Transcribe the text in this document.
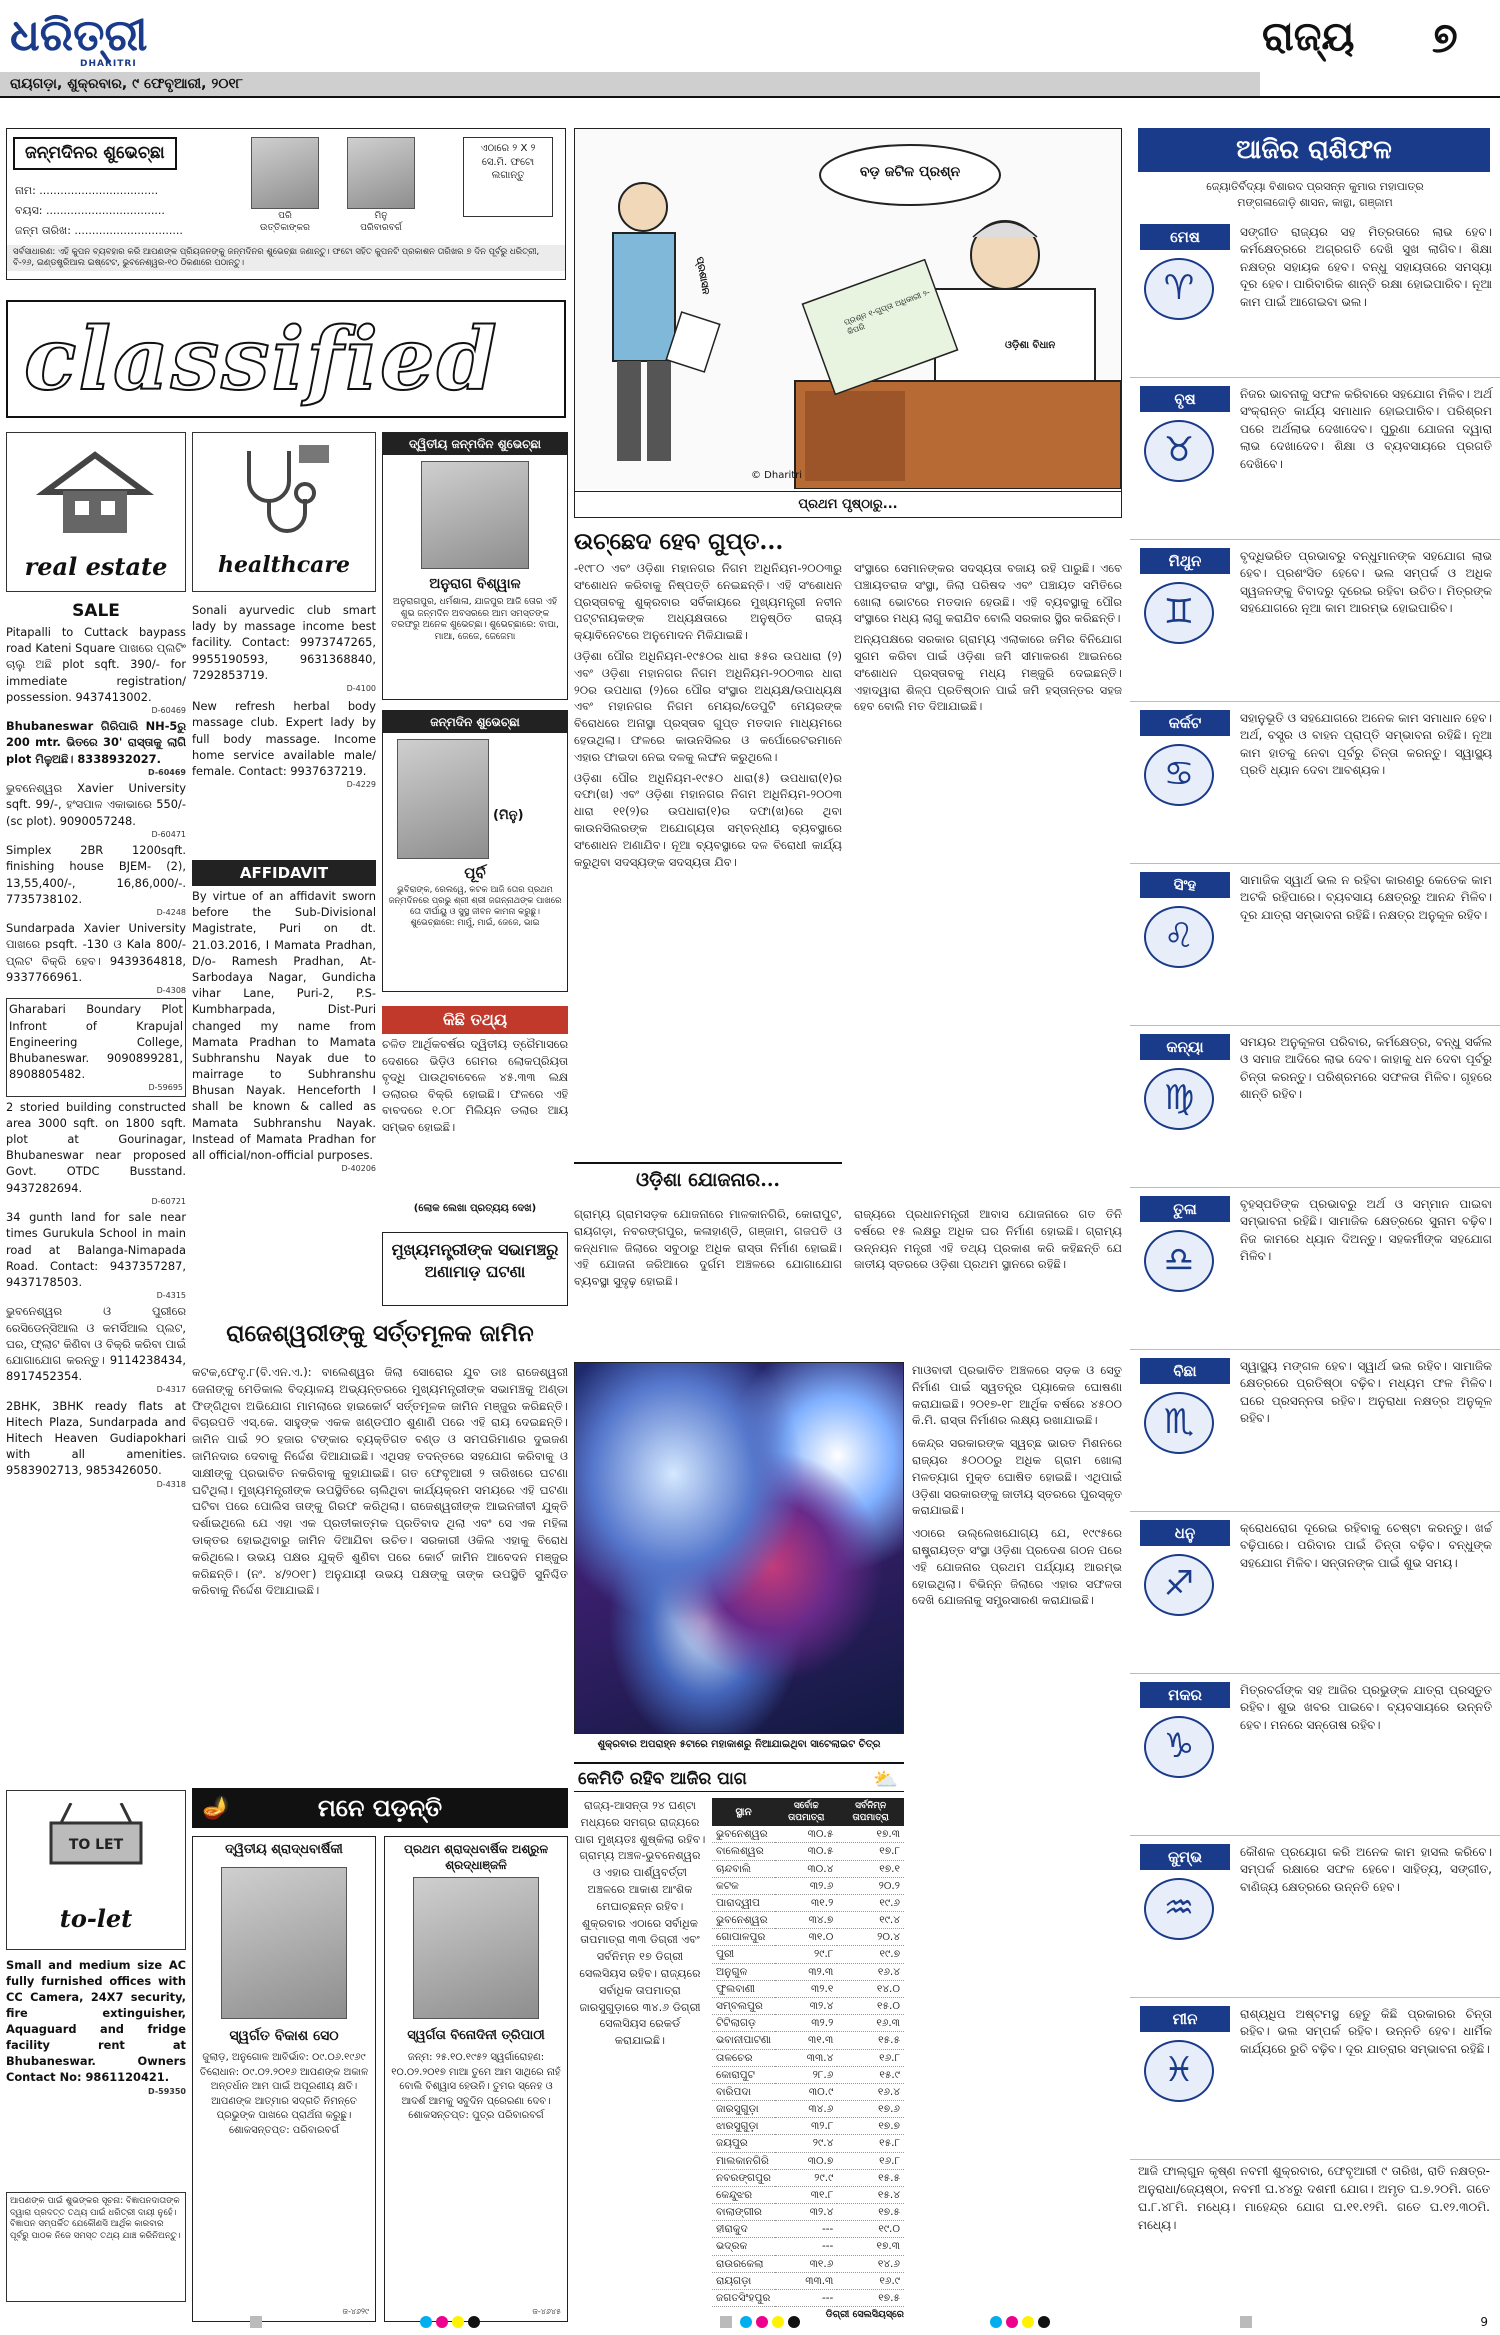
ଧରିତ୍ରୀ
DHARITRI
ରାୟଗଡ଼ା, ଶୁକ୍ରବାର, ୯ ଫେବୃଆରୀ, ୨୦୧୮
ରାଜ୍ୟ ୭
ଜନ୍ମଦିନର ଶୁଭେଚ୍ଛା
ନାମ: ..................................
ବୟସ: ..................................
ଜନ୍ମ ତାରିଖ: ...............................
ପରି
ଉତ୍ତିକାଙ୍କର
ମିନୁ
ପରିବାରବର୍ଗ
ଏଠାରେ ୨ X ୨ ସେ.ମି. ଫଟୋ ଲଗାନ୍ତୁ
ସର୍ବସାଧାରଣ: ଏହି କୁପନ ବ୍ୟବହାର କରି ଆପଣଙ୍କ ପ୍ରିୟଜନଙ୍କୁ ଜନ୍ମଦିନର ଶୁଭେଚ୍ଛା ଜଣାନ୍ତୁ। ଫଟୋ ସହିତ କୁପନଟି ପ୍ରକାଶନ ତାରିଖର ୭ ଦିନ ପୂର୍ବରୁ ଧରିତ୍ରୀ, ବି-୨୬, ଇଣ୍ଡଷ୍ଟ୍ରିଆଲ ଇଷ୍ଟେଟ, ଭୁବନେଶ୍ୱର-୧୦ ଠିକଣାରେ ପଠାନ୍ତୁ।
classified
real estate
SALE
Pitapalli to Cuttack baypass road Kateni Square ପାଖରେ ପ୍ଲଟିଂ ଚାଲୁ ଅଛି plot sqft. 390/- for immediate registration/ possession. 9437413002.
D-60469
Bhubaneswar ଗିରିପାରି NH-5ରୁ 200 mtr. ଭିତରେ 30' ରାସ୍ତାକୁ ଲାଗି plot ମିଳୁଅଛି। 8338932027.
D-60469
ଭୁବନେଶ୍ୱର Xavier University sqft. 99/-, ହଂସପାଳ ଏକାଭାରେ 550/- (sc plot). 9090057248.
D-60471
Simplex 2BR 1200sqft. finishing house BJEM- (2), 13,55,400/-, 16,86,000/-. 7735738102.
D-4248
Sundarpada Xavier University ପାଖରେ psqft. -130 ଓ Kala 800/- ପ୍ଲଟ ବିକ୍ରି ହେବ। 9439364818, 9337766961.
D-4308
Gharabari Boundary Plot Infront of Krapujal Engineering College, Bhubaneswar. 9090899281, 8908805482.
D-59695
2 storied building constructed area 3000 sqft. on 1800 sqft. plot at Gourinagar, Bhubaneswar near proposed Govt. OTDC Busstand. 9437282694.
D-60721
34 gunth land for sale near times Gurukula School in main road at Balanga-Nimapada Road. Contact: 9437357287, 9437178503.
D-4315
ଭୁବନେଶ୍ୱର ଓ ପୁରୀରେ ରେସିଡେନ୍ସିଆଲ ଓ କମର୍ସିଆଲ ପ୍ଲଟ, ଘର, ଫ୍ଲାଟ କିଣିବା ଓ ବିକ୍ରି କରିବା ପାଇଁ ଯୋଗାଯୋଗ କରନ୍ତୁ। 9114238434, 8917452354.
D-4317
2BHK, 3BHK ready flats at Hitech Plaza, Sundarpada and Hitech Heaven Gudiapokhari with all amenities. 9583902713, 9853426050.
D-4318
TO LET
to-let
Small and medium size AC fully furnished offices with CC Camera, 24X7 security, fire extinguisher, Aquaguard and fridge facility rent at Bhubaneswar. Owners Contact No: 9861120421.
D-59350
ଆପଣଙ୍କ ପାଇଁ ଶୁଭଙ୍କର ସୂଚନା: ବିଜ୍ଞାପନଦାତାଙ୍କ ଦ୍ୱାରା ପ୍ରଦତ୍ତ ତଥ୍ୟ ପାଇଁ ଧରିତ୍ରୀ ଦାୟୀ ନୁହେଁ। ବିଜ୍ଞାପନ ସମ୍ପର୍କିତ ଯେକୌଣସି ଆର୍ଥିକ କାରବାର ପୂର୍ବରୁ ପାଠକ ନିଜେ ସମସ୍ତ ତଥ୍ୟ ଯାଞ୍ଚ କରିନିଅନ୍ତୁ।
healthcare
Sonali ayurvedic club smart lady by massage income best facility. Contact: 9973747265, 9955190593, 9631368840, 7292853719.
D-4100
New refresh herbal body massage club. Expert lady by full body massage. Income home service available male/ female. Contact: 9937637219.
D-4229
AFFIDAVIT
By virtue of an affidavit sworn before the Sub-Divisional Magistrate, Puri on dt. 21.03.2016, I Mamata Pradhan, D/o- Ramesh Pradhan, At-Sarbodaya Nagar, Gundicha vihar Lane, Puri-2, P.S-Kumbharpada, Dist-Puri changed my name from Mamata Pradhan to Mamata Subhranshu Nayak due to mairrage to Subhranshu Bhusan Nayak. Henceforth I shall be known & called as Mamata Subhranshu Nayak. Instead of Mamata Pradhan for all official/non-official purposes.
D-40206
ଦ୍ୱିତୀୟ ଜନ୍ମଦିନ ଶୁଭେଚ୍ଛା
ଅନୁରାଗ ବିଶ୍ୱାଳ
ଅନୁରାଗପୁର, ଧର୍ମଶାଳା, ଯାଜପୁର ଆଜି ତୋର ଏହି ଶୁଭ ଜନ୍ମଦିନ ଅବସରରେ ଆମ ସମସ୍ତଙ୍କ ତରଫରୁ ଅନେକ ଶୁଭେଚ୍ଛା। ଶୁଭେଚ୍ଛାରେ: ବାପା, ମାଆ, ଜେଜେ, ଜେଜେମା
ଜନ୍ମଦିନ ଶୁଭେଚ୍ଛା
(ମିନୁ)
ପୂର୍ବି
ଭୁବିରାଙ୍କ, ରେଲୱେ, କଟକ ଆଜି ତୋର ପ୍ରଥମ ଜନ୍ମଦିନରେ ପ୍ରଭୁ ଶ୍ରୀ ଶ୍ରୀ ଜଗନ୍ନାଥଙ୍କ ପାଖରେ ତୋ ଦୀର୍ଘାୟୁ ଓ ସୁସ୍ଥ ଜୀବନ କାମନା କରୁଛୁ। ଶୁଭେଚ୍ଛାରେ: ମାମୁଁ, ମାଇଁ, ଜେଜେ, ଭାଇ
କିଛି ତଥ୍ୟ
ଚଳିତ ଆର୍ଥିକବର୍ଷର ଦ୍ୱିତୀୟ ତ୍ରୈମାସରେ ଦେଶରେ ଭିଡ଼ିଓ ଗେମର ଲୋକପ୍ରିୟତା ବୃଦ୍ଧି ପାଉଥିବାବେଳେ ୪୫.୩୩ ଲକ୍ଷ ଡଲାରର ବିକ୍ରି ହୋଇଛି। ଫଳରେ ଏହି ବାବଦରେ ୧.୦୮ ମିଲିୟନ ଡଲାର ଆୟ ସମ୍ଭବ ହୋଇଛି।
(ଲୋକ ଲେଖା ପ୍ରତ୍ୟୟ ଦେଖ)
ମୁଖ୍ୟମନ୍ତ୍ରୀଙ୍କ ସଭାମଞ୍ଚରୁ ଅଣାମାଡ଼ ଘଟଣା
ରାଜେଶ୍ୱରୀଙ୍କୁ ସର୍ତ୍ତମୂଳକ ଜାମିନ
କଟକ,ଫେବୃ.୮(ବି.ଏନ.ଏ.): ବାଲେଶ୍ୱର ଜିଲା ସୋରୋର ଯୁବ ଡାଃ ରାଜେଶ୍ୱରୀ ଜେନାଙ୍କୁ ମେଡିକାଲ ବିଦ୍ୟାଳୟ ଅଭ୍ୟନ୍ତରରେ ମୁଖ୍ୟମନ୍ତ୍ରୀଙ୍କ ସଭାମଞ୍ଚକୁ ଅଣ୍ଡା ଫିଙ୍ଗିଥିବା ଅଭିଯୋଗ ମାମଲାରେ ହାଇକୋର୍ଟ ସର୍ତ୍ତମୂଳକ ଜାମିନ ମଞ୍ଜୁର କରିଛନ୍ତି। ବିଚାରପତି ଏସ୍.କେ. ସାହୁଙ୍କ ଏକକ ଖଣ୍ଡପୀଠ ଶୁଣାଣି ପରେ ଏହି ରାୟ ଦେଇଛନ୍ତି। ଜାମିନ ପାଇଁ ୨୦ ହଜାର ଟଙ୍କାର ବ୍ୟକ୍ତିଗତ ବଣ୍ଡ ଓ ସମପରିମାଣର ଦୁଇଜଣ ଜାମିନଦାର ଦେବାକୁ ନିର୍ଦ୍ଦେଶ ଦିଆଯାଇଛି। ଏଥିସହ ତଦନ୍ତରେ ସହଯୋଗ କରିବାକୁ ଓ ସାକ୍ଷୀଙ୍କୁ ପ୍ରଭାବିତ ନକରିବାକୁ କୁହାଯାଇଛି। ଗତ ଫେବୃଆରୀ ୨ ତାରିଖରେ ଘଟଣା ଘଟିଥିଲା। ମୁଖ୍ୟମନ୍ତ୍ରୀଙ୍କ ଉପସ୍ଥିତିରେ ଚାଲିଥିବା କାର୍ଯ୍ୟକ୍ରମ ସମୟରେ ଏହି ଘଟଣା ଘଟିବା ପରେ ପୋଲିସ ତାଙ୍କୁ ଗିରଫ କରିଥିଲା। ରାଜେଶ୍ୱରୀଙ୍କ ଆଇନଜୀବୀ ଯୁକ୍ତି ଦର୍ଶାଇଥିଲେ ଯେ ଏହା ଏକ ପ୍ରତୀକାତ୍ମକ ପ୍ରତିବାଦ ଥିଲା ଏବଂ ସେ ଏକ ମହିଳା ଡାକ୍ତର ହୋଇଥିବାରୁ ଜାମିନ ଦିଆଯିବା ଉଚିତ। ସରକାରୀ ଓକିଲ ଏହାକୁ ବିରୋଧ କରିଥିଲେ। ଉଭୟ ପକ୍ଷର ଯୁକ୍ତି ଶୁଣିବା ପରେ କୋର୍ଟ ଜାମିନ ଆବେଦନ ମଞ୍ଜୁର କରିଛନ୍ତି। (ନଂ. ୪/୨୦୧୮) ଅନୁଯାୟୀ ଉଭୟ ପକ୍ଷଙ୍କୁ ତାଙ୍କ ଉପସ୍ଥିତି ସୁନିଶ୍ଚିତ କରିବାକୁ ନିର୍ଦ୍ଦେଶ ଦିଆଯାଇଛି।
🪔	ମନେ ପଡ଼ନ୍ତି
ଦ୍ୱିତୀୟ ଶ୍ରାଦ୍ଧବାର୍ଷିକୀ
ସ୍ୱର୍ଗତ ବିକାଶ ସେଠ
ଜୁଲାଡ଼, ଅନୁଗୋଳ ଆବିର୍ଭାବ: ୦୯.୦୬.୧୯୬୯ ତିରୋଧାନ: ୦୯.୦୨.୨୦୧୬ ଆପଣଙ୍କ ଅକାଳ ଅନ୍ତର୍ଧାନ ଆମ ପାଇଁ ଅପୂରଣୀୟ କ୍ଷତି। ଆପଣଙ୍କ ଆତ୍ମାର ସଦ୍‌ଗତି ନିମନ୍ତେ ପ୍ରଭୁଙ୍କ ପାଖରେ ପ୍ରାର୍ଥନା କରୁଛୁ। ଶୋକସନ୍ତପ୍ତ: ପରିବାରବର୍ଗ
ଜ-୪୬୨୯
ପ୍ରଥମ ଶ୍ରାଦ୍ଧବାର୍ଷିକ ଅଶ୍ରୁଳ ଶ୍ରଦ୍ଧାଞ୍ଜଳି
ସ୍ୱର୍ଗତା ବିନୋଦିନୀ ତ୍ରିପାଠୀ
ଜନ୍ମ: ୨୫.୧୦.୧୯୫୨ ସ୍ୱର୍ଗାରୋହଣ: ୧୦.୦୨.୨୦୧୭ ମାଆ ତୁମେ ଆମ ସାଥିରେ ନାହଁ ବୋଲି ବିଶ୍ୱାସ ହେଉନି। ତୁମର ସ୍ନେହ ଓ ଆଦର୍ଶ ଆମକୁ ସବୁଦିନ ପ୍ରେରଣା ଦେବ। ଶୋକସନ୍ତପ୍ତ: ପୁତ୍ର ପରିବାରବର୍ଗ
ଜ-୪୬୪୫
ବଡ଼ ଜଟିଳ ପ୍ରଶ୍ନ
ପ୍ରଶାସନ
ପ୍ରଶ୍ନ ୧-ଗୁପ୍ତା ଅଧିକାରୀ ୨-କିପରି
ଓଡ଼ିଶା ବିଧାନ
© Dharitri
ପ୍ରଥମ ପୃଷ୍ଠାରୁ...
ଉଚ୍ଛେଦ ହେବ ଗୁପ୍ତ...

-୧୯୮୦ ଏବଂ ଓଡ଼ିଶା ମହାନଗର ନିଗମ ଅଧିନିୟମ-୨୦୦୩ରୁ ସଂଶୋଧନ କରିବାକୁ ନିଷ୍ପତ୍ତି ନେଇଛନ୍ତି। ଏହି ସଂଶୋଧନ ପ୍ରସ୍ତାବକୁ ଶୁକ୍ରବାର ସର୍ବିକାୟରେ ମୁଖ୍ୟମନ୍ତ୍ରୀ ନବୀନ ପଟ୍ଟନାୟକଙ୍କ ଅଧ୍ୟକ୍ଷତାରେ ଅନୁଷ୍ଠିତ ରାଜ୍ୟ କ୍ୟାବିନେଟରେ ଅନୁମୋଦନ ମିଳିଯାଇଛି।

ଓଡ଼ିଶା ପୌର ଅଧିନିୟମ-୧୯୫୦ର ଧାରା ୫୫ର ଉପଧାରା (୨) ଏବଂ ଓଡ଼ିଶା ମହାନଗର ନିଗମ ଅଧିନିୟମ-୨୦୦୩ର ଧାରା ୨୦ର ଉପଧାରା (୨)ରେ ପୌର ସଂସ୍ଥାର ଅଧ୍ୟକ୍ଷ/ଉପାଧ୍ୟକ୍ଷ ଏବଂ ମହାନଗର ନିଗମ ମେୟର/ଡେପୁଟି ମେୟରଙ୍କ ବିରୋଧରେ ଅନାସ୍ଥା ପ୍ରସ୍ତାବ ଗୁପ୍ତ ମତଦାନ ମାଧ୍ୟମରେ ହେଉଥିଲା। ଫଳରେ କାଉନସିଲର ଓ କର୍ପୋରେଟରମାନେ ଏହାର ଫାଇଦା ନେଇ ଦଳକୁ ଲଙ୍ଘନ କରୁଥିଲେ।

ଓଡ଼ିଶା ପୌର ଅଧିନିୟମ-୧୯୫୦ ଧାରା(୫) ଉପଧାରା(୧)ର ଦଫା(ଖ) ଏବଂ ଓଡ଼ିଶା ମହାନଗର ନିଗମ ଅଧିନିୟମ-୨୦୦୩ ଧାରା ୧୧(୨)ର ଉପଧାରା(୧)ର ଦଫା(ଖ)ରେ ଥିବା କାଉନସିଲରଙ୍କ ଅଯୋଗ୍ୟତା ସମ୍ବନ୍ଧୀୟ ବ୍ୟବସ୍ଥାରେ ସଂଶୋଧନ ଅଣାଯିବ। ନୂଆ ବ୍ୟବସ୍ଥାରେ ଦଳ ବିରୋଧୀ କାର୍ଯ୍ୟ କରୁଥିବା ସଦସ୍ୟଙ୍କ ସଦସ୍ୟତା ଯିବ।

ସଂସ୍ଥାରେ ସେମାନଙ୍କର ସଦସ୍ୟତା ବଜାୟ ରହି ପାରୁଛି। ଏବେ ପଞ୍ଚାୟତରାଜ ସଂସ୍ଥା, ଜିଲା ପରିଷଦ ଏବଂ ପଞ୍ଚାୟତ ସମିତିରେ ଖୋଲା ଭୋଟରେ ମତଦାନ ହେଉଛି। ଏହି ବ୍ୟବସ୍ଥାକୁ ପୌର ସଂସ୍ଥାରେ ମଧ୍ୟ ଲାଗୁ କରାଯିବ ବୋଲି ସରକାର ସ୍ଥିର କରିଛନ୍ତି।

ଅନ୍ୟପକ୍ଷରେ ସରକାର ଗ୍ରାମ୍ୟ ଏଲାକାରେ ଜମିର ବିନିଯୋଗ ସୁଗମ କରିବା ପାଇଁ ଓଡ଼ିଶା ଜମି ସୀମାକରଣ ଆଇନରେ ସଂଶୋଧନ ପ୍ରସ୍ତାବକୁ ମଧ୍ୟ ମଞ୍ଜୁରି ଦେଇଛନ୍ତି। ଏହାଦ୍ୱାରା ଶିଳ୍ପ ପ୍ରତିଷ୍ଠାନ ପାଇଁ ଜମି ହସ୍ତାନ୍ତର ସହଜ ହେବ ବୋଲି ମତ ଦିଆଯାଇଛି।

ଓଡ଼ିଶା ଯୋଜନାର...

ଗ୍ରାମ୍ୟ ଗ୍ରାମସଡ଼କ ଯୋଜନାରେ ମାଳକାନଗିରି, କୋରାପୁଟ, ରାୟଗଡ଼ା, ନବରଙ୍ଗପୁର, କଳାହାଣ୍ଡି, ଗଞ୍ଜାମ, ଗଜପତି ଓ କନ୍ଧମାଳ ଜିଲାରେ ସବୁଠାରୁ ଅଧିକ ରାସ୍ତା ନିର୍ମାଣ ହୋଇଛି। ଏହି ଯୋଜନା ଜରିଆରେ ଦୁର୍ଗମ ଅଞ୍ଚଳରେ ଯୋଗାଯୋଗ ବ୍ୟବସ୍ଥା ସୁଦୃଢ଼ ହୋଇଛି।

ରାଜ୍ୟରେ ପ୍ରଧାନମନ୍ତ୍ରୀ ଆବାସ ଯୋଜନାରେ ଗତ ତିନି ବର୍ଷରେ ୧୫ ଲକ୍ଷରୁ ଅଧିକ ଘର ନିର୍ମାଣ ହୋଇଛି। ଗ୍ରାମ୍ୟ ଉନ୍ନୟନ ମନ୍ତ୍ରୀ ଏହି ତଥ୍ୟ ପ୍ରକାଶ କରି କହିଛନ୍ତି ଯେ ଜାତୀୟ ସ୍ତରରେ ଓଡ଼ିଶା ପ୍ରଥମ ସ୍ଥାନରେ ରହିଛି।

ଶୁକ୍ରବାର ଅପରାହ୍ନ ୫ଟାରେ ମହାକାଶରୁ ନିଆଯାଇଥିବା ସାଟେଲାଇଟ ଚିତ୍ର

ମାଓବାଦୀ ପ୍ରଭାବିତ ଅଞ୍ଚଳରେ ସଡ଼କ ଓ ସେତୁ ନିର୍ମାଣ ପାଇଁ ସ୍ୱତନ୍ତ୍ର ପ୍ୟାକେଜ ଘୋଷଣା କରାଯାଇଛି। ୨୦୧୭-୧୮ ଆର୍ଥିକ ବର୍ଷରେ ୪୫୦୦ କି.ମି. ରାସ୍ତା ନିର୍ମାଣର ଲକ୍ଷ୍ୟ ରଖାଯାଇଛି।

କେନ୍ଦ୍ର ସରକାରଙ୍କ ସ୍ୱଚ୍ଛ ଭାରତ ମିଶନରେ ରାଜ୍ୟର ୫୦୦୦ରୁ ଅଧିକ ଗ୍ରାମ ଖୋଲା ମଳତ୍ୟାଗ ମୁକ୍ତ ଘୋଷିତ ହୋଇଛି। ଏଥିପାଇଁ ଓଡ଼ିଶା ସରକାରଙ୍କୁ ଜାତୀୟ ସ୍ତରରେ ପୁରସ୍କୃତ କରାଯାଇଛି।

ଏଠାରେ ଉଲ୍ଲେଖଯୋଗ୍ୟ ଯେ, ୧୯୯୫ରେ ରାଷ୍ଟ୍ରାୟତ୍ତ ସଂସ୍ଥା ଓଡ଼ିଶା ପ୍ରଦେଶ ଗଠନ ପରେ ଏହି ଯୋଜନାର ପ୍ରଥମ ପର୍ଯ୍ୟାୟ ଆରମ୍ଭ ହୋଇଥିଲା। ବିଭିନ୍ନ ଜିଲାରେ ଏହାର ସଫଳତା ଦେଖି ଯୋଜନାକୁ ସମ୍ପ୍ରସାରଣ କରାଯାଇଛି।

କେମିତି ରହିବ ଆଜିର ପାଗ	⛅
ରାଜ୍ୟ-ଆସନ୍ତା ୨୪ ଘଣ୍ଟା ମଧ୍ୟରେ ସମଗ୍ର ରାଜ୍ୟରେ ପାଗ ମୁଖ୍ୟତଃ ଶୁଷ୍କିଲା ରହିବ। ଗ୍ରାମ୍ୟ ଅଞ୍ଚଳ-ଭୁବନେଶ୍ୱର ଓ ଏହାର ପାର୍ଶ୍ୱବର୍ତ୍ତୀ ଅଞ୍ଚଳରେ ଆକାଶ ଆଂଶିକ ମେଘାଚ୍ଛନ୍ନ ରହିବ। ଶୁକ୍ରବାର ଏଠାରେ ସର୍ବାଧିକ ତାପମାତ୍ରା ୩୩ ଡିଗ୍ରୀ ଏବଂ ସର୍ବନିମ୍ନ ୧୭ ଡିଗ୍ରୀ ସେଲସିୟସ ରହିବ। ରାଜ୍ୟରେ ସର୍ବାଧିକ ତାପମାତ୍ରା ଜାରସୁଗୁଡ଼ାରେ ୩୪.୬ ଡିଗ୍ରୀ ସେଲସିୟସ ରେକର୍ଡ କରାଯାଇଛି।
ସ୍ଥାନ	ସର୍ବୋଚ୍ଚ ତାପମାତ୍ରା	ସର୍ବନିମ୍ନ ତାପମାତ୍ରା
ଭୁବନେଶ୍ୱର	୩୦.୫	୧୭.୩
ବାଲେଶ୍ୱର	୩୦.୫	୧୭.୮
ଚାନ୍ଦବାଲି	୩୦.୪	୧୭.୧
କଟକ	୩୨.୬	୨୦.୨
ପାରାଦ୍ୱୀପ	୩୧.୨	୧୯.୬
ଭୁବନେଶ୍ୱର	୩୪.୭	୧୯.୪
ଗୋପାଳପୁର	୩୧.୦	୨୦.୪
ପୁରୀ	୨୯.୮	୧୯.୭
ଅନୁଗୁଳ	୩୨.୩	୧୬.୪
ଫୁଲବାଣୀ	୩୨.୧	୧୪.୦
ସମ୍ବଲପୁର	୩୨.୪	୧୫.୦
ଟିଟିଲାଗଡ଼	୩୨.୨	୧୬.୩
ଭବାନୀପାଟଣା	୩୧.୩	୧୫.୫
ତାଳଚେର	୩୩.୪	୧୬.୮
କୋରାପୁଟ	୨୮.୬	୧୫.୯
ବାରିପଦା	୩୦.୯	୧୬.୪
ଜାରସୁଗୁଡ଼ା	୩୪.୬	୧୭.୬
ଝାରସୁଗୁଡ଼ା	୩୨.୮	୧୭.୭
ଜୟପୁର	୨୯.୪	୧୫.୮
ମାଲକାନଗିରି	୩୦.୭	୧୬.୮
ନବରଙ୍ଗପୁର	୨୯.୯	୧୫.୫
କେନ୍ଦୁଝର	୩୧.୮	୧୫.୪
ବାଲାଙ୍ଗୀର	୩୨.୪	୧୭.୫
ହୀରାକୁଦ	---	୧୯.୦
ଭଦ୍ରକ	---	୧୭.୩
ରାଉରକେଲା	୩୧.୬	୧୪.୬
ରାୟଗଡ଼ା	୩୩.୩	୧୬.୯
ଜଗତସିଂହପୁର	---	୧୭.୫
ଡିଗ୍ରୀ ସେଲସିୟସ୍‌ରେ
ଆଜିର ରାଶିଫଳ
ଜ୍ୟୋତିର୍ବିଦ୍ୟା ବିଶାରଦ ପ୍ରସନ୍ନ କୁମାର ମହାପାତ୍ର
ମଙ୍ଗଳାଜୋଡ଼ି ଶାସନ, କାନ୍ଥା, ଗଞ୍ଜାମ
ମେଷ
♈
ସଙ୍ଗୀତ ରାଜ୍ୟର ସହ ମିତ୍ରତାରେ ଲାଭ ହେବ। କର୍ମକ୍ଷେତ୍ରରେ ଅଗ୍ରଗତି ଦେଖି ସୁଖ ଲାଗିବ। ଶିକ୍ଷା ନକ୍ଷତ୍ର ସହାୟକ ହେବ। ବନ୍ଧୁ ସହାୟତାରେ ସମସ୍ୟା ଦୂର ହେବ। ପାରିବାରିକ ଶାନ୍ତି ରକ୍ଷା ହୋଇପାରିବ। ନୂଆ କାମ ପାଇଁ ଆଗେଇବା ଭଲ।
ବୃଷ
♉
ନିଜର ଭାବନାକୁ ସଫଳ କରିବାରେ ସହଯୋଗ ମିଳିବ। ଅର୍ଥ ସଂକ୍ରାନ୍ତ କାର୍ଯ୍ୟ ସମାଧାନ ହୋଇପାରିବ। ପରିଶ୍ରମ ପରେ ଅର୍ଥଲାଭ ଦେଖାଦେବ। ପୁରୁଣା ଯୋଜନା ଦ୍ୱାରା ଲାଭ ଦେଖାଦେବ। ଶିକ୍ଷା ଓ ବ୍ୟବସାୟରେ ପ୍ରଗତି ଦେଖିବେ।
ମିଥୁନ
♊
ବୃଦ୍ଧିଭରିତ ପ୍ରଭାବରୁ ବନ୍ଧୁମାନଙ୍କ ସହଯୋଗ ଲାଭ ହେବ। ପ୍ରଶଂସିତ ହେବେ। ଭଲ ସମ୍ପର୍କ ଓ ଅଧିକ ସ୍ୱଜନଙ୍କୁ ବିବାଦରୁ ଦୂରେଇ ରହିବା ଉଚିତ। ମିତ୍ରଙ୍କ ସହଯୋଗରେ ନୂଆ କାମ ଆରମ୍ଭ ହୋଇପାରିବ।
କର୍କଟ
♋
ସହାନୁଭୂତି ଓ ସହଯୋଗରେ ଅନେକ କାମ ସମାଧାନ ହେବ। ଅର୍ଥ, ବସ୍ତ୍ର ଓ ବାହନ ପ୍ରାପ୍ତି ସମ୍ଭାବନା ରହିଛି। ନୂଆ କାମ ହାତକୁ ନେବା ପୂର୍ବରୁ ଚିନ୍ତା କରନ୍ତୁ। ସ୍ୱାସ୍ଥ୍ୟ ପ୍ରତି ଧ୍ୟାନ ଦେବା ଆବଶ୍ୟକ।
ସିଂହ
♌
ସାମାଜିକ ସ୍ୱାର୍ଥ ଭଲ ନ ରହିବା କାରଣରୁ କେତେକ କାମ ଅଟକି ରହିପାରେ। ବ୍ୟବସାୟ କ୍ଷେତ୍ରରୁ ଆନନ୍ଦ ମିଳିବ। ଦୂର ଯାତ୍ରା ସମ୍ଭାବନା ରହିଛି। ନକ୍ଷତ୍ର ଅନୁକୂଳ ରହିବ।
କନ୍ୟା
♍
ସମୟର ଅନୁକୂଳତା ପରିବାର, କର୍ମକ୍ଷେତ୍ର, ବନ୍ଧୁ ସର୍କଲ ଓ ସମାଜ ଆଦିରେ ଲାଭ ଦେବ। କାହାକୁ ଧନ ଦେବା ପୂର୍ବରୁ ଚିନ୍ତା କରନ୍ତୁ। ପରିଶ୍ରମରେ ସଫଳତା ମିଳିବ। ଗୃହରେ ଶାନ୍ତି ରହିବ।
ତୁଳା
♎
ବୃହସ୍ପତିଙ୍କ ପ୍ରଭାବରୁ ଅର୍ଥ ଓ ସମ୍ମାନ ପାଇବା ସମ୍ଭାବନା ରହିଛି। ସାମାଜିକ କ୍ଷେତ୍ରରେ ସୁନାମ ବଢ଼ିବ। ନିଜ କାମରେ ଧ୍ୟାନ ଦିଅନ୍ତୁ। ସହକର୍ମୀଙ୍କ ସହଯୋଗ ମିଳିବ।
ବିଛା
♏
ସ୍ୱାସ୍ଥ୍ୟ ମଙ୍ଗଳ ହେବ। ସ୍ୱାର୍ଥ ଭଲ ରହିବ। ସାମାଜିକ କ୍ଷେତ୍ରରେ ପ୍ରତିଷ୍ଠା ବଢ଼ିବ। ମଧ୍ୟମ ଫଳ ମିଳିବ। ଘରେ ପ୍ରସନ୍ନତା ରହିବ। ଅନୁରାଧା ନକ୍ଷତ୍ର ଅନୁକୂଳ ରହିବ।
ଧନୁ
♐
କ୍ରୋଧରୋଗ ଦୂରେଇ ରହିବାକୁ ଚେଷ୍ଟା କରନ୍ତୁ। ଖର୍ଚ୍ଚ ବଢ଼ିପାରେ। ପରିବାର ପାଇଁ ଚିନ୍ତା ବଢ଼ିବ। ବନ୍ଧୁଙ୍କ ସହଯୋଗ ମିଳିବ। ସନ୍ତାନଙ୍କ ପାଇଁ ଶୁଭ ସମୟ।
ମକର
♑
ମିତ୍ରବର୍ଗଙ୍କ ସହ ଆଜିର ପ୍ରଭୁଙ୍କ ଯାତ୍ରା ପ୍ରସ୍ତୁତ ରହିବ। ଶୁଭ ଖବର ପାଇବେ। ବ୍ୟବସାୟରେ ଉନ୍ନତି ହେବ। ମନରେ ସନ୍ତୋଷ ରହିବ।
କୁମ୍ଭ
♒
କୌଶଳ ପ୍ରୟୋଗ କରି ଅନେକ କାମ ହାସଲ କରିବେ। ସମ୍ପର୍କ ରକ୍ଷାରେ ସଫଳ ହେବେ। ସାହିତ୍ୟ, ସଙ୍ଗୀତ, ବାଣିଜ୍ୟ କ୍ଷେତ୍ରରେ ଉନ୍ନତି ହେବ।
ମୀନ
♓
ରାଶ୍ୟଧିପ ଅଷ୍ଟମସ୍ଥ ହେତୁ କିଛି ପ୍ରକାରର ଚିନ୍ତା ରହିବ। ଭଲ ସମ୍ପର୍କ ରହିବ। ଉନ୍ନତି ହେବ। ଧାର୍ମିକ କାର୍ଯ୍ୟରେ ରୁଚି ବଢ଼ିବ। ଦୂର ଯାତ୍ରାର ସମ୍ଭାବନା ରହିଛି।
ଆଜି ଫାଲ୍‌ଗୁନ କୃଷ୍ଣ ନବମୀ ଶୁକ୍ରବାର, ଫେବୃଆରୀ ୯ ତାରିଖ, ରାତି ନକ୍ଷତ୍ର-ଅନୁରାଧା/ଜ୍ୟେଷ୍ଠା, ନବମୀ ଘ.୪୪ରୁ ଦଶମୀ ଯୋଗ। ଅମୃତ ଘ.୭.୨୦ମି. ଗତେ ଘ.୮.୪୮ମି. ମଧ୍ୟେ। ମାହେନ୍ଦ୍ର ଯୋଗ ଘ.୧୧.୧୨ମି. ଗତେ ଘ.୧୨.୩୦ମି. ମଧ୍ୟେ।
9
